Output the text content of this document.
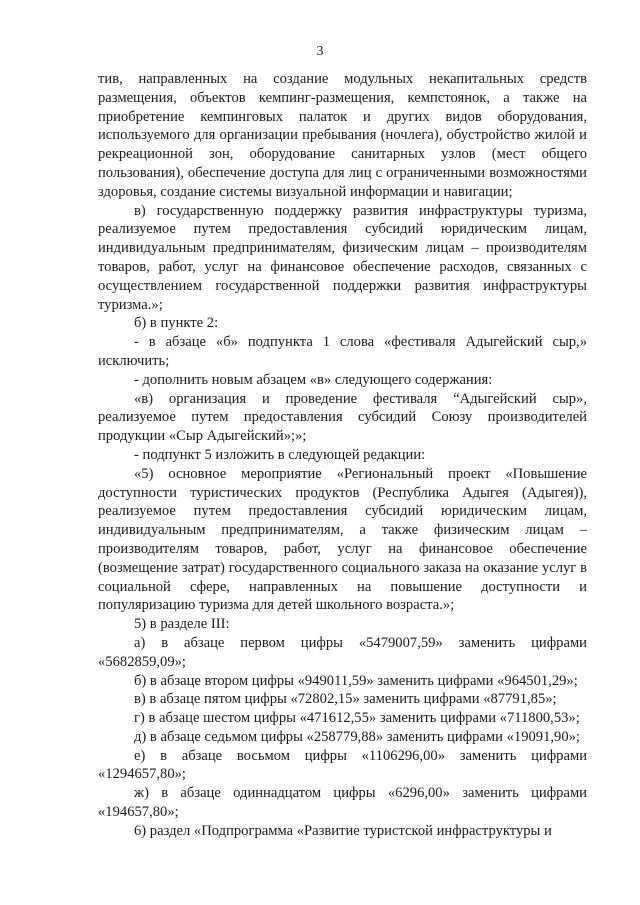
3

тив, направленных на создание модульных некапитальных средств размещения, объектов кемпинг-размещения, кемпстоянок, а также на приобретение кемпинговых палаток и других видов оборудования, используемого для организации пребывания (ночлега), обустройство жилой и рекреационной зон, оборудование санитарных узлов (мест общего пользования), обеспечение доступа для лиц с ограниченными возможностями здоровья, создание системы визуальной информации и навигации;

в) государственную поддержку развития инфраструктуры туризма, реализуемое путем предоставления субсидий юридическим лицам, индивидуальным предпринимателям, физическим лицам – производителям товаров, работ, услуг на финансовое обеспечение расходов, связанных с осуществлением государственной поддержки развития инфраструктуры туризма.»;

б) в пункте 2:

- в абзаце «б» подпункта 1 слова «фестиваля Адыгейский сыр,» исключить;

- дополнить новым абзацем «в» следующего содержания:

«в) организация и проведение фестиваля “Адыгейский сыр», реализуемое путем предоставления субсидий Союзу производителей продукции «Сыр Адыгейский»;»;

- подпункт 5 изложить в следующей редакции:

«5) основное мероприятие «Региональный проект «Повышение доступности туристических продуктов (Республика Адыгея (Адыгея)), реализуемое путем предоставления субсидий юридическим лицам, индивидуальным предпринимателям, а также физическим лицам – производителям товаров, работ, услуг на финансовое обеспечение (возмещение затрат) государственного социального заказа на оказание услуг в социальной сфере, направленных на повышение доступности и популяризацию туризма для детей школьного возраста.»;

5) в разделе III:

а) в абзаце первом цифры «5479007,59» заменить цифрами «5682859,09»;

б) в абзаце втором цифры «949011,59» заменить цифрами «964501,29»;

в) в абзаце пятом цифры «72802,15» заменить цифрами «87791,85»;

г) в абзаце шестом цифры «471612,55» заменить цифрами «711800,53»;

д) в абзаце седьмом цифры «258779,88» заменить цифрами «19091,90»;

е) в абзаце восьмом цифры «1106296,00» заменить цифрами «1294657,80»;

ж) в абзаце одиннадцатом цифры «6296,00» заменить цифрами «194657,80»;

6) раздел «Подпрограмма «Развитие туристской инфраструктуры и
